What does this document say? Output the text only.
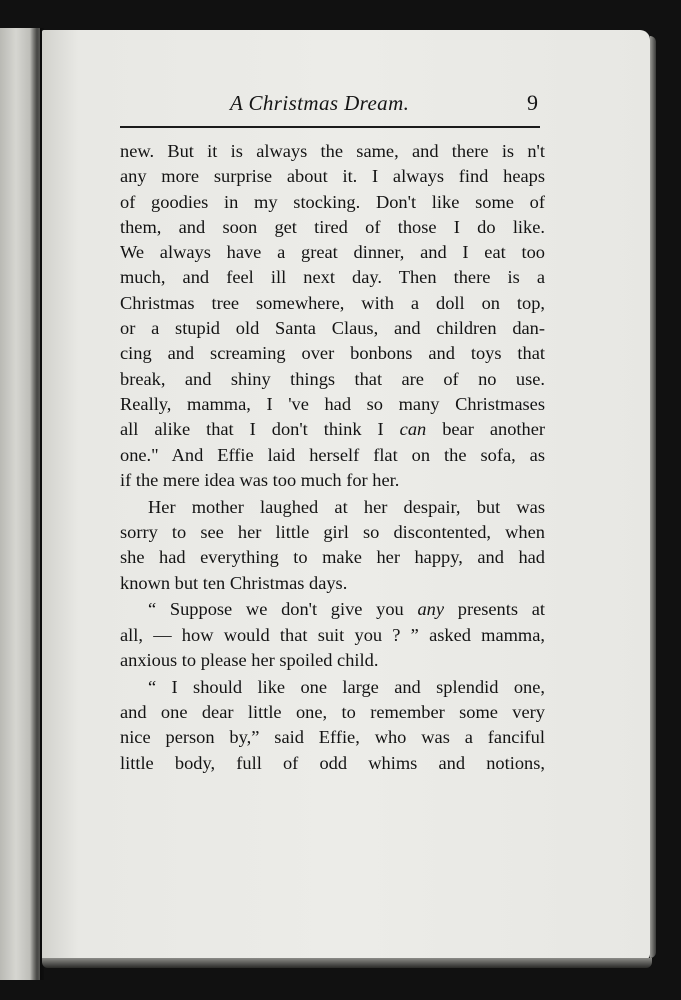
A Christmas Dream.	9
new. But it is always the same, and there is n't
any more surprise about it. I always find heaps
of goodies in my stocking. Don't like some of
them, and soon get tired of those I do like.
We always have a great dinner, and I eat too
much, and feel ill next day. Then there is a
Christmas tree somewhere, with a doll on top,
or a stupid old Santa Claus, and children dan-
cing and screaming over bonbons and toys that
break, and shiny things that are of no use.
Really, mamma, I 've had so many Christmases
all alike that I don't think I can bear another
one." And Effie laid herself flat on the sofa, as
if the mere idea was too much for her.
Her mother laughed at her despair, but was
sorry to see her little girl so discontented, when
she had everything to make her happy, and had
known but ten Christmas days.
“ Suppose we don't give you any presents at
all, — how would that suit you ? ” asked mamma,
anxious to please her spoiled child.
“ I should like one large and splendid one,
and one dear little one, to remember some very
nice person by,” said Effie, who was a fanciful
little body, full of odd whims and notions,
